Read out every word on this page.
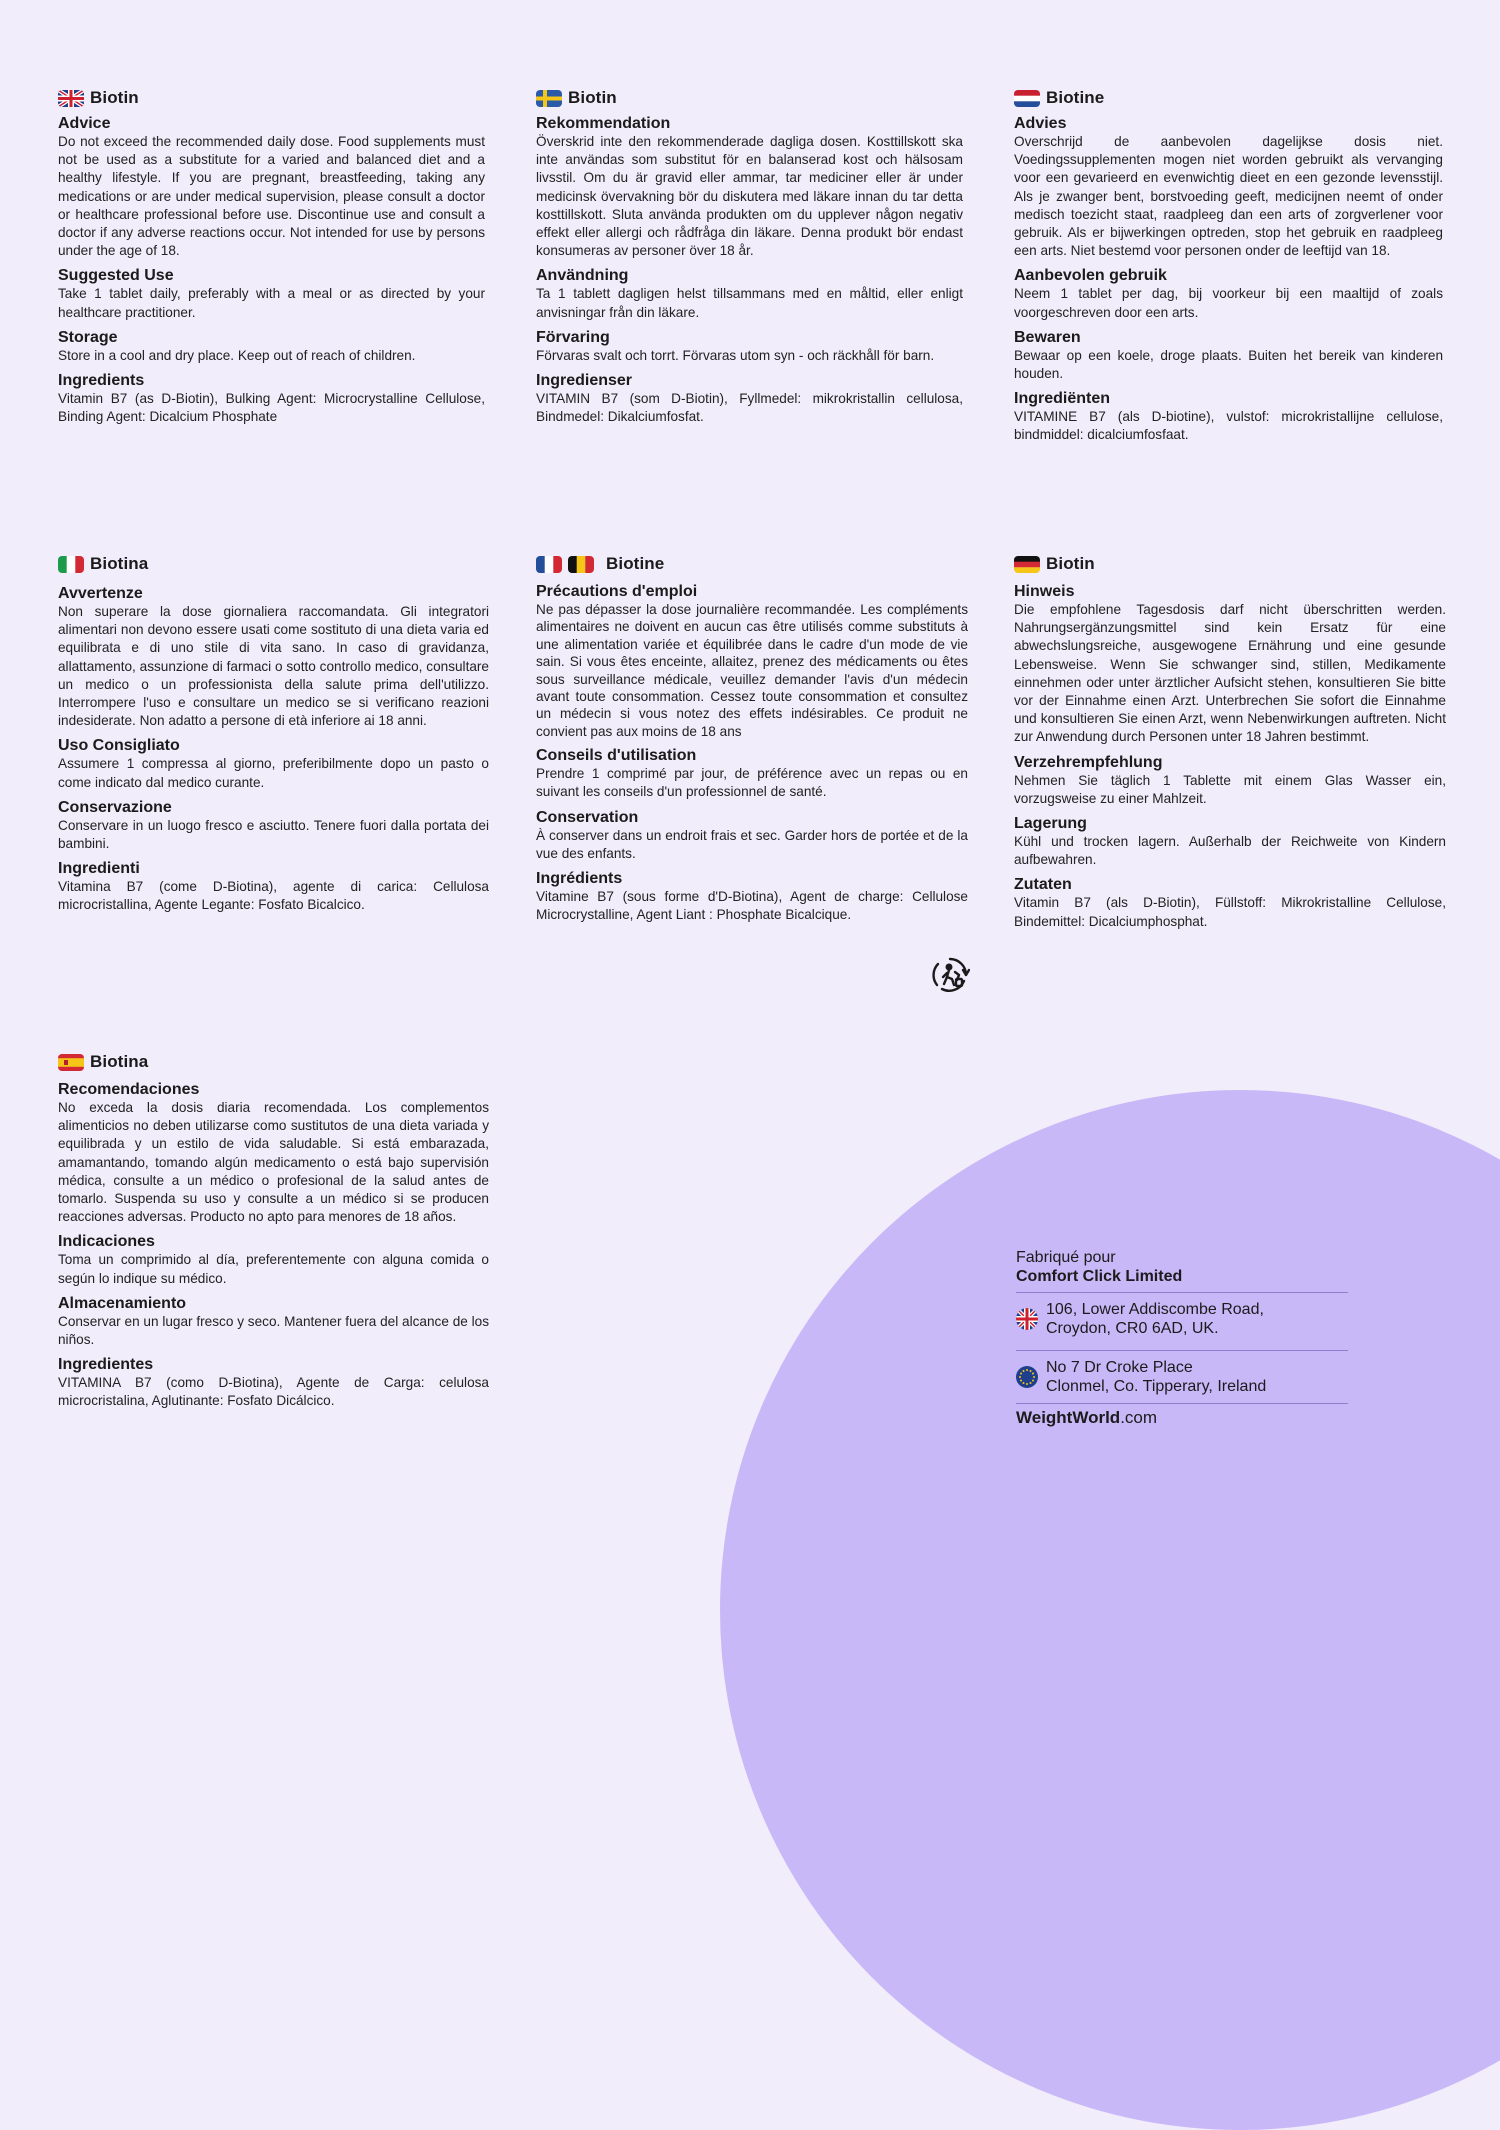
Biotin
Advice

Do not exceed the recommended daily dose. Food supplements must not be used as a substitute for a varied and balanced diet and a healthy lifestyle. If you are pregnant, breastfeeding, taking any medications or are under medical supervision, please consult a doctor or healthcare professional before use. Discontinue use and consult a doctor if any adverse reactions occur. Not intended for use by persons under the age of 18.

Suggested Use

Take 1 tablet daily, preferably with a meal or as directed by your healthcare practitioner.

Storage

Store in a cool and dry place. Keep out of reach of children.

Ingredients

Vitamin B7 (as D-Biotin), Bulking Agent: Microcrystalline Cellulose, Binding Agent: Dicalcium Phosphate

Biotin
Rekommendation

Överskrid inte den rekommenderade dagliga dosen. Kosttillskott ska inte användas som substitut för en balanserad kost och hälsosam livsstil. Om du är gravid eller ammar, tar mediciner eller är under medicinsk övervakning bör du diskutera med läkare innan du tar detta kosttillskott. Sluta använda produkten om du upplever någon negativ effekt eller allergi och rådfråga din läkare. Denna produkt bör endast konsumeras av personer över 18 år.

Användning

Ta 1 tablett dagligen helst tillsammans med en måltid, eller enligt anvisningar från din läkare.

Förvaring

Förvaras svalt och torrt. Förvaras utom syn - och räckhåll för barn.

Ingredienser

VITAMIN B7 (som D-Biotin), Fyllmedel: mikrokristallin cellulosa, Bindmedel: Dikalciumfosfat.

Biotine
Advies

Overschrijd de aanbevolen dagelijkse dosis niet. Voedingssupplementen mogen niet worden gebruikt als vervanging voor een gevarieerd en evenwichtig dieet en een gezonde levensstijl. Als je zwanger bent, borstvoeding geeft, medicijnen neemt of onder medisch toezicht staat, raadpleeg dan een arts of zorgverlener voor gebruik. Als er bijwerkingen optreden, stop het gebruik en raadpleeg een arts. Niet bestemd voor personen onder de leeftijd van 18.

Aanbevolen gebruik

Neem 1 tablet per dag, bij voorkeur bij een maaltijd of zoals voorgeschreven door een arts.

Bewaren

Bewaar op een koele, droge plaats. Buiten het bereik van kinderen houden.

Ingrediënten

VITAMINE B7 (als D-biotine), vulstof: microkristallijne cellulose, bindmiddel: dicalciumfosfaat.

Biotina
Avvertenze

Non superare la dose giornaliera raccomandata. Gli integratori alimentari non devono essere usati come sostituto di una dieta varia ed equilibrata e di uno stile di vita sano. In caso di gravidanza, allattamento, assunzione di farmaci o sotto controllo medico, consultare un medico o un professionista della salute prima dell'utilizzo. Interrompere l'uso e consultare un medico se si verificano reazioni indesiderate. Non adatto a persone di età inferiore ai 18 anni.

Uso Consigliato

Assumere 1 compressa al giorno, preferibilmente dopo un pasto o come indicato dal medico curante.

Conservazione

Conservare in un luogo fresco e asciutto. Tenere fuori dalla portata dei bambini.

Ingredienti

Vitamina B7 (come D-Biotina), agente di carica: Cellulosa microcristallina, Agente Legante: Fosfato Bicalcico.

Biotine
Précautions d'emploi

Ne pas dépasser la dose journalière recommandée. Les compléments alimentaires ne doivent en aucun cas être utilisés comme substituts à une alimentation variée et équilibrée dans le cadre d'un mode de vie sain. Si vous êtes enceinte, allaitez, prenez des médicaments ou êtes sous surveillance médicale, veuillez demander l'avis d'un médecin avant toute consommation. Cessez toute consommation et consultez un médecin si vous notez des effets indésirables. Ce produit ne convient pas aux moins de 18 ans

Conseils d'utilisation

Prendre 1 comprimé par jour, de préférence avec un repas ou en suivant les conseils d'un professionnel de santé.

Conservation

À conserver dans un endroit frais et sec. Garder hors de portée et de la vue des enfants.

Ingrédients

Vitamine B7 (sous forme d'D-Biotina), Agent de charge: Cellulose Microcrystalline, Agent Liant : Phosphate Bicalcique.

Biotin
Hinweis

Die empfohlene Tagesdosis darf nicht überschritten werden. Nahrungsergänzungsmittel sind kein Ersatz für eine abwechslungsreiche, ausgewogene Ernährung und eine gesunde Lebensweise. Wenn Sie schwanger sind, stillen, Medikamente einnehmen oder unter ärztlicher Aufsicht stehen, konsultieren Sie bitte vor der Einnahme einen Arzt. Unterbrechen Sie sofort die Einnahme und konsultieren Sie einen Arzt, wenn Nebenwirkungen auftreten. Nicht zur Anwendung durch Personen unter 18 Jahren bestimmt.

Verzehrempfehlung

Nehmen Sie täglich 1 Tablette mit einem Glas Wasser ein, vorzugsweise zu einer Mahlzeit.

Lagerung

Kühl und trocken lagern. Außerhalb der Reichweite von Kindern aufbewahren.

Zutaten

Vitamin B7 (als D-Biotin), Füllstoff: Mikrokristalline Cellulose, Bindemittel: Dicalciumphosphat.

Biotina
Recomendaciones

No exceda la dosis diaria recomendada. Los complementos alimenticios no deben utilizarse como sustitutos de una dieta variada y equilibrada y un estilo de vida saludable. Si está embarazada, amamantando, tomando algún medicamento o está bajo supervisión médica, consulte a un médico o profesional de la salud antes de tomarlo. Suspenda su uso y consulte a un médico si se producen reacciones adversas. Producto no apto para menores de 18 años.

Indicaciones

Toma un comprimido al día, preferentemente con alguna comida o según lo indique su médico.

Almacenamiento

Conservar en un lugar fresco y seco. Mantener fuera del alcance de los niños.

Ingredientes

VITAMINA B7 (como D-Biotina), Agente de Carga: celulosa microcristalina, Aglutinante: Fosfato Dicálcico.

Fabriqué pour
Comfort Click Limited
106, Lower Addiscombe Road,
Croydon, CR0 6AD, UK.
No 7 Dr Croke Place
Clonmel, Co. Tipperary, Ireland
WeightWorld.com
